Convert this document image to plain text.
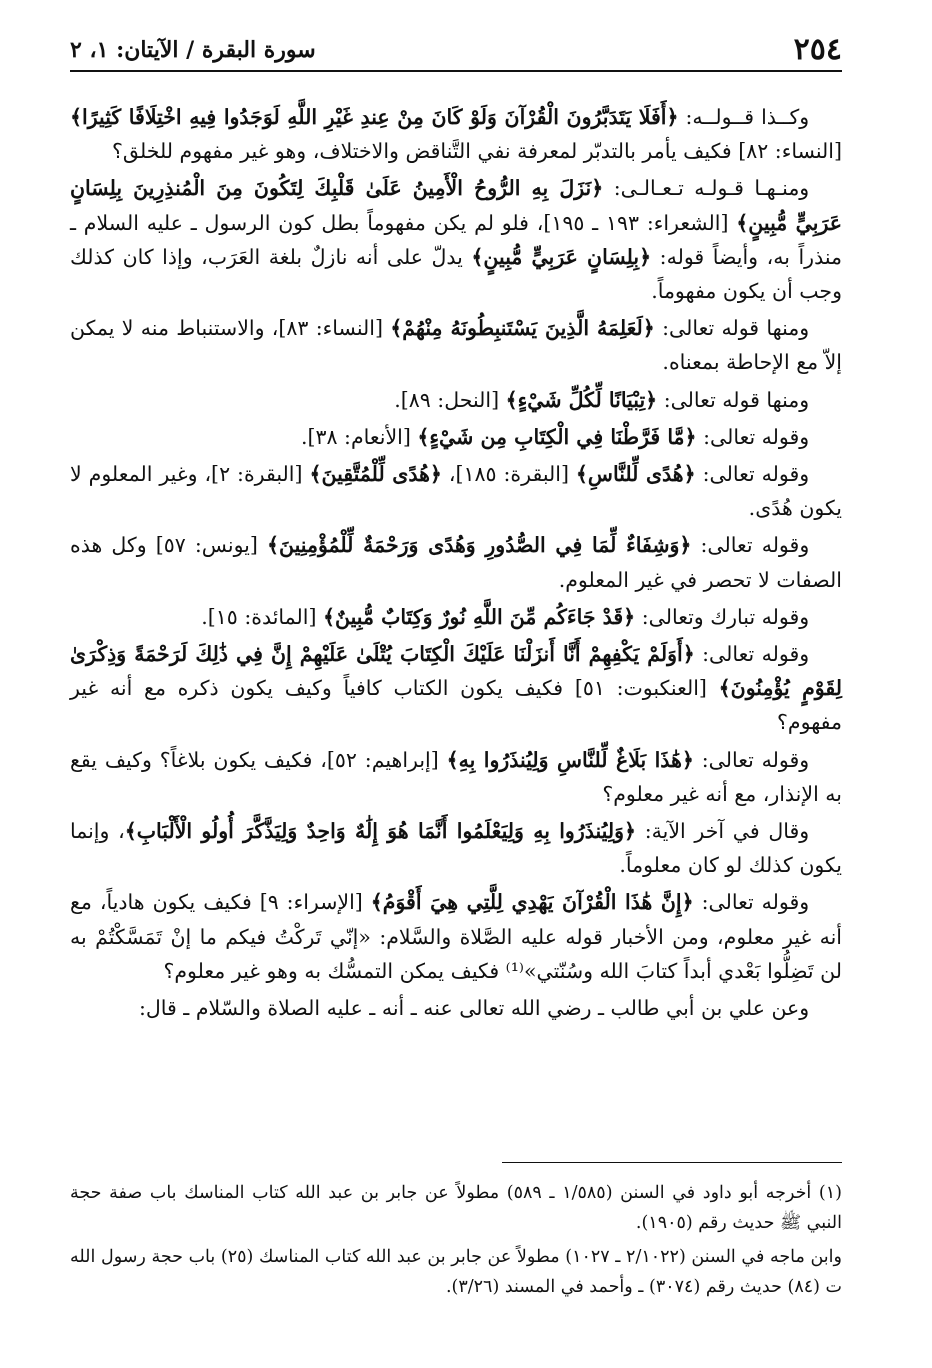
٢٥٤
سورة البقرة / الآيتان: ١، ٢

وكــذا قــولــه: ﴿أَفَلَا يَتَدَبَّرُونَ الْقُرْآنَ وَلَوْ كَانَ مِنْ عِندِ غَيْرِ اللَّهِ لَوَجَدُوا فِيهِ اخْتِلَافًا كَثِيرًا﴾ [النساء: ٨٢] فكيف يأمر بالتدبّر لمعرفة نفي التَّناقض والاختلاف، وهو غير مفهوم للخلق؟

ومنـهـا قـولـه تـعـالـى: ﴿نَزَلَ بِهِ الرُّوحُ الْأَمِينُ عَلَىٰ قَلْبِكَ لِتَكُونَ مِنَ الْمُنذِرِينَ بِلِسَانٍ عَرَبِيٍّ مُّبِينٍ﴾ [الشعراء: ١٩٣ ـ ١٩٥]، فلو لم يكن مفهوماً بطل كون الرسول ـ عليه السلام ـ منذراً به، وأيضاً قوله: ﴿بِلِسَانٍ عَرَبِيٍّ مُّبِينٍ﴾ يدلّ على أنه نازلٌ بلغة العَرَب، وإذا كان كذلك وجب أن يكون مفهوماً.

ومنها قوله تعالى: ﴿لَعَلِمَهُ الَّذِينَ يَسْتَنبِطُونَهُ مِنْهُمْ﴾ [النساء: ٨٣]، والاستنباط منه لا يمكن إلاّ مع الإحاطة بمعناه.

ومنها قوله تعالى: ﴿تِبْيَانًا لِّكُلِّ شَيْءٍ﴾ [النحل: ٨٩].

وقوله تعالى: ﴿مَّا فَرَّطْنَا فِي الْكِتَابِ مِن شَيْءٍ﴾ [الأنعام: ٣٨].

وقوله تعالى: ﴿هُدًى لِّلنَّاسِ﴾ [البقرة: ١٨٥]، ﴿هُدًى لِّلْمُتَّقِينَ﴾ [البقرة: ٢]، وغير المعلوم لا يكون هُدًى.

وقوله تعالى: ﴿وَشِفَاءٌ لِّمَا فِي الصُّدُورِ وَهُدًى وَرَحْمَةٌ لِّلْمُؤْمِنِينَ﴾ [يونس: ٥٧] وكل هذه الصفات لا تحصر في غير المعلوم.

وقوله تبارك وتعالى: ﴿قَدْ جَاءَكُم مِّنَ اللَّهِ نُورٌ وَكِتَابٌ مُّبِينٌ﴾ [المائدة: ١٥].

وقوله تعالى: ﴿أَوَلَمْ يَكْفِهِمْ أَنَّا أَنزَلْنَا عَلَيْكَ الْكِتَابَ يُتْلَىٰ عَلَيْهِمْ إِنَّ فِي ذَٰلِكَ لَرَحْمَةً وَذِكْرَىٰ لِقَوْمٍ يُؤْمِنُونَ﴾ [العنكبوت: ٥١] فكيف يكون الكتاب كافياً وكيف يكون ذكره مع أنه غير مفهوم؟

وقوله تعالى: ﴿هَٰذَا بَلَاغٌ لِّلنَّاسِ وَلِيُنذَرُوا بِهِ﴾ [إبراهيم: ٥٢]، فكيف يكون بلاغاً؟ وكيف يقع به الإنذار، مع أنه غير معلوم؟

وقال في آخر الآية: ﴿وَلِيُنذَرُوا بِهِ وَلِيَعْلَمُوا أَنَّمَا هُوَ إِلَٰهٌ وَاحِدٌ وَلِيَذَّكَّرَ أُولُو الْأَلْبَابِ﴾، وإنما يكون كذلك لو كان معلوماً.

وقوله تعالى: ﴿إِنَّ هَٰذَا الْقُرْآنَ يَهْدِي لِلَّتِي هِيَ أَقْوَمُ﴾ [الإسراء: ٩] فكيف يكون هادياً، مع أنه غير معلوم، ومن الأخبار قوله عليه الصَّلاة والسَّلام: «إنّي تَركْتُ فيكم ما إنْ تَمَسَّكْتُمْ به لن تَضِلُّوا بَعْدي أبداً كتابَ الله وسُنّتي»⁽¹⁾ فكيف يمكن التمسُّك به وهو غير معلوم؟

وعن علي بن أبي طالب ـ رضي الله تعالى عنه ـ أنه ـ عليه الصلاة والسّلام ـ قال:

(١) أخرجه أبو داود في السنن (١/٥٨٥ ـ ٥٨٩) مطولاً عن جابر بن عبد الله كتاب المناسك باب صفة حجة النبي ﷺ حديث رقم (١٩٠٥).

وابن ماجه في السنن (٢/١٠٢٢ ـ ١٠٢٧) مطولاً عن جابر بن عبد الله كتاب المناسك (٢٥) باب حجة رسول الله ت (٨٤) حديث رقم (٣٠٧٤) ـ وأحمد في المسند (٣/٢٦).
